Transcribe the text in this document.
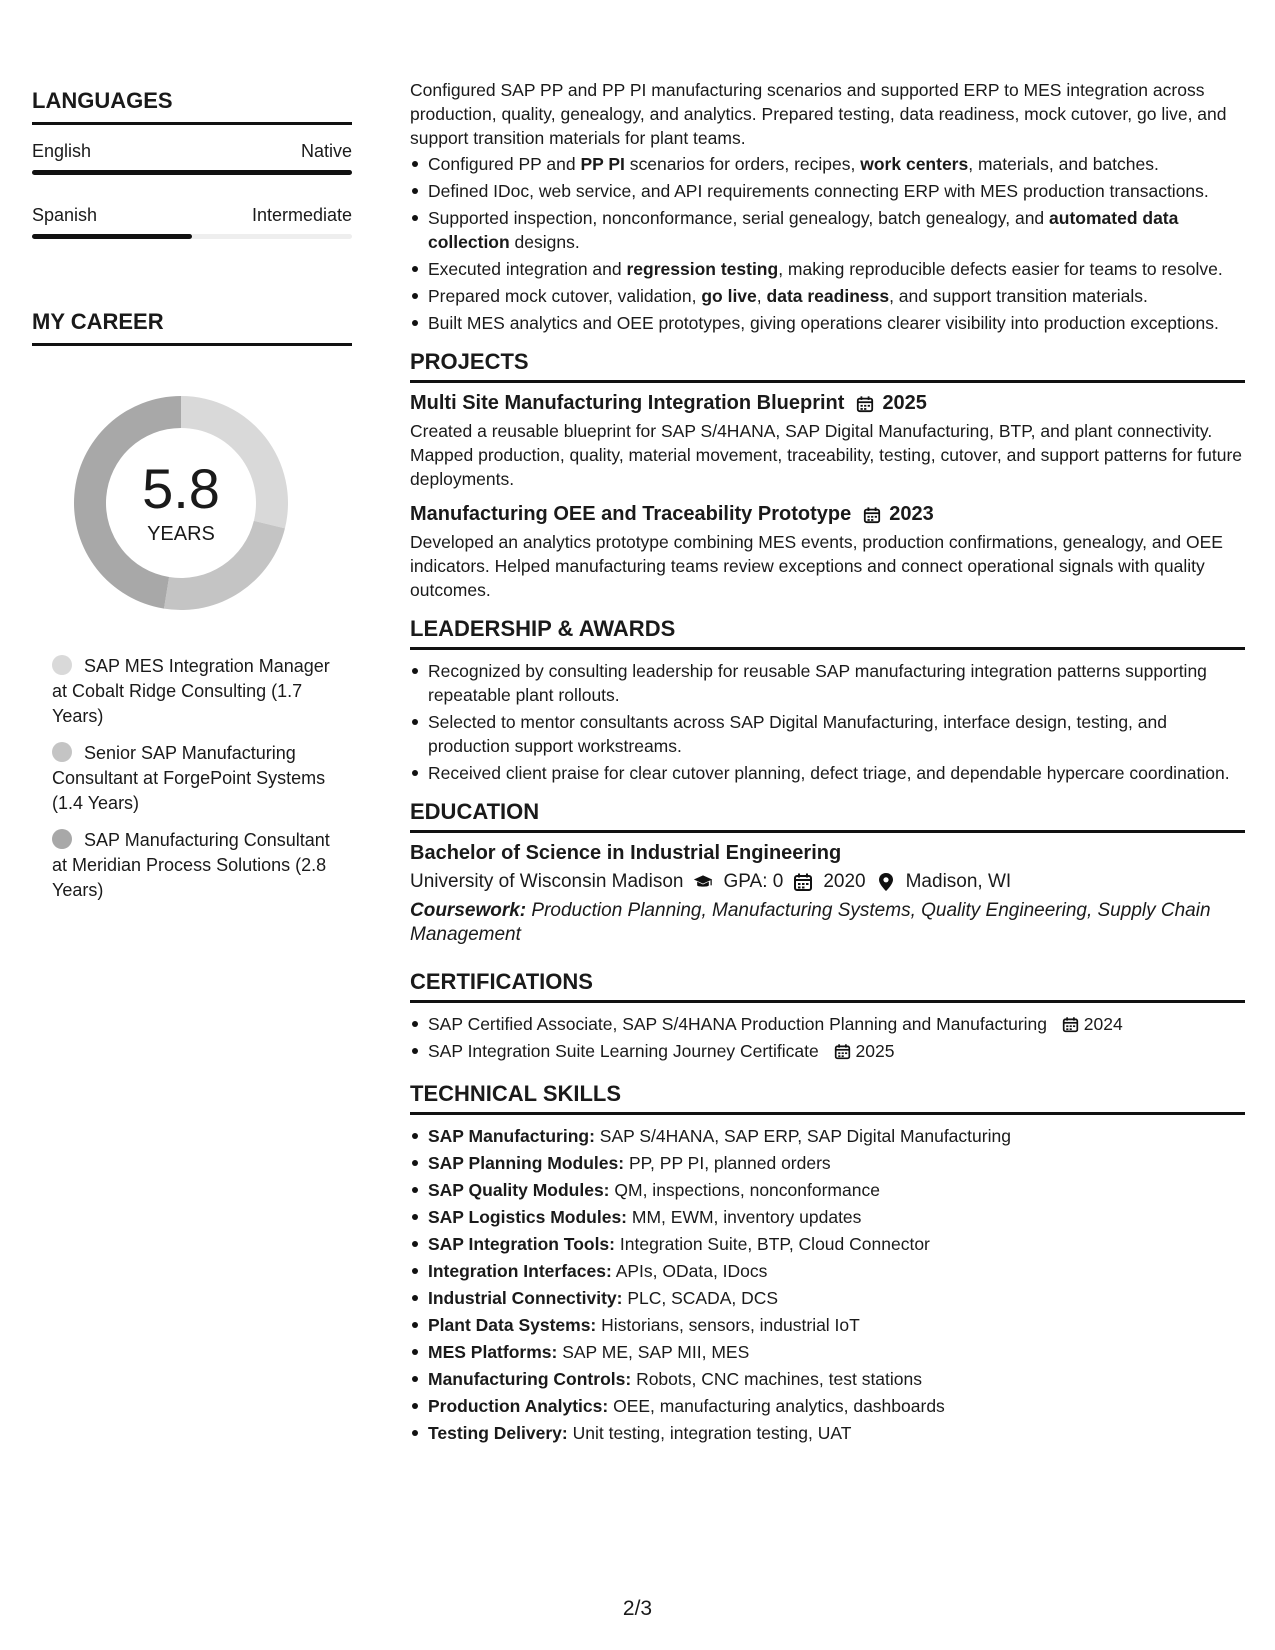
LANGUAGES
English	Native
Spanish	Intermediate
MY CAREER
5.8
YEARS
SAP MES Integration Manager at Cobalt Ridge Consulting (1.7 Years)
Senior SAP Manufacturing Consultant at ForgePoint Systems (1.4 Years)
SAP Manufacturing Consultant at Meridian Process Solutions (2.8 Years)

Configured SAP PP and PP PI manufacturing scenarios and supported ERP to MES integration across production, quality, genealogy, and analytics. Prepared testing, data readiness, mock cutover, go live, and support transition materials for plant teams.

Configured PP and PP PI scenarios for orders, recipes, work centers, materials, and batches.
Defined IDoc, web service, and API requirements connecting ERP with MES production transactions.
Supported inspection, nonconformance, serial genealogy, batch genealogy, and automated data collection designs.
Executed integration and regression testing, making reproducible defects easier for teams to resolve.
Prepared mock cutover, validation, go live, data readiness, and support transition materials.
Built MES analytics and OEE prototypes, giving operations clearer visibility into production exceptions.
PROJECTS
Multi Site Manufacturing Integration Blueprint 2025

Created a reusable blueprint for SAP S/4HANA, SAP Digital Manufacturing, BTP, and plant connectivity. Mapped production, quality, material movement, traceability, testing, cutover, and support patterns for future deployments.

Manufacturing OEE and Traceability Prototype 2023

Developed an analytics prototype combining MES events, production confirmations, genealogy, and OEE indicators. Helped manufacturing teams review exceptions and connect operational signals with quality outcomes.

LEADERSHIP & AWARDS
Recognized by consulting leadership for reusable SAP manufacturing integration patterns supporting repeatable plant rollouts.
Selected to mentor consultants across SAP Digital Manufacturing, interface design, testing, and production support workstreams.
Received client praise for clear cutover planning, defect triage, and dependable hypercare coordination.
EDUCATION
Bachelor of Science in Industrial Engineering
University of Wisconsin Madison GPA: 0 2020 Madison, WI

Coursework: Production Planning, Manufacturing Systems, Quality Engineering, Supply Chain Management

CERTIFICATIONS
SAP Certified Associate, SAP S/4HANA Production Planning and Manufacturing 2024
SAP Integration Suite Learning Journey Certificate 2025
TECHNICAL SKILLS
SAP Manufacturing: SAP S/4HANA, SAP ERP, SAP Digital Manufacturing
SAP Planning Modules: PP, PP PI, planned orders
SAP Quality Modules: QM, inspections, nonconformance
SAP Logistics Modules: MM, EWM, inventory updates
SAP Integration Tools: Integration Suite, BTP, Cloud Connector
Integration Interfaces: APIs, OData, IDocs
Industrial Connectivity: PLC, SCADA, DCS
Plant Data Systems: Historians, sensors, industrial IoT
MES Platforms: SAP ME, SAP MII, MES
Manufacturing Controls: Robots, CNC machines, test stations
Production Analytics: OEE, manufacturing analytics, dashboards
Testing Delivery: Unit testing, integration testing, UAT
2/3
